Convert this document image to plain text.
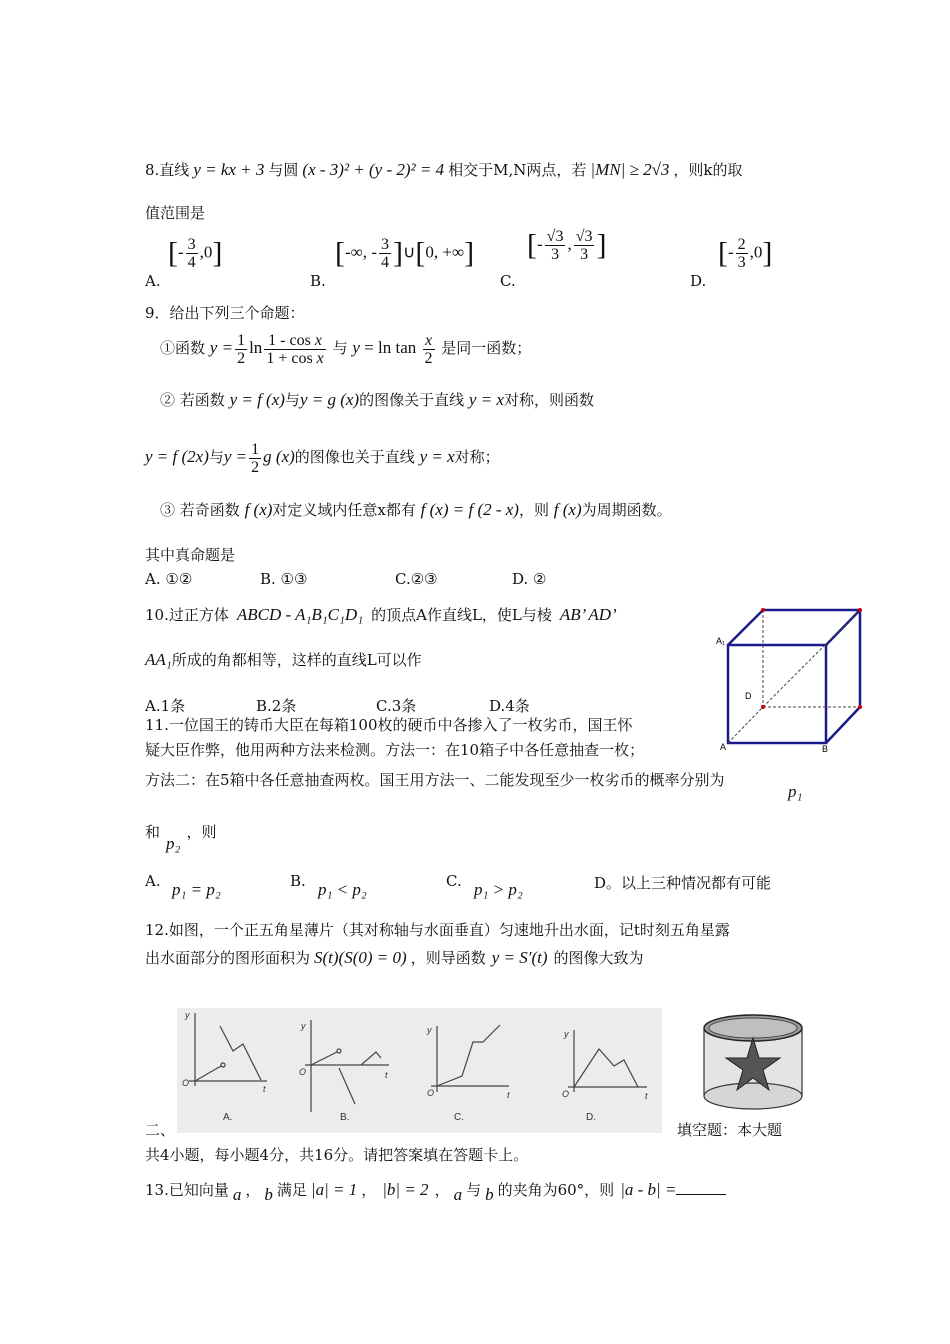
8.直线 y = kx + 3 与圆 (x - 3)² + (y - 2)² = 4 相交于M,N两点，若 |MN| ≥ 2√3 ，则k的取
值范围是
A.
[- $\frac{3}{4} ,0$]
B.
[-∞, - $\frac{3}{4}$ ]∪[0, +∞]
C.
[- $\frac{√3}{3}$ , $\frac{√3}{3}$ ]
D.
[- $\frac{2}{3} ,0$]
9．给出下列三个命题：
①函数 $y = \frac{1}{2}$ $\ln \frac{\text{1 - cos x}}{\text{1 + cos x}}$ 与 $y = \ln \tan \frac{x}{2}$ 是同一函数；
② 若函数 y = f (x)与y = g (x)的图像关于直线 y = x对称，则函数
y = f (2x)与$y = \frac{1}{2}$ g (x)的图像也关于直线 y = x对称；
③ 若奇函数 f (x)对定义域内任意x都有 f (x) = f (2 - x)，则 f (x)为周期函数。
其中真命题是
A. ①②	B. ①③	C.②③	D. ②
10.过正方体 ABCD - A₁B₁C₁D₁ 的顶点A作直线L，使L与棱 AB’ AD’
AA₁所成的角都相等，这样的直线L可以作
A.1条	B.2条	C.3条	D.4条
A₁
D
A	B
11.一位国王的铸币大臣在每箱100枚的硬币中各掺入了一枚劣币，国王怀
疑大臣作弊，他用两种方法来检测。方法一：在10箱子中各任意抽查一枚；
方法二：在5箱中各任意抽查两枚。国王用方法一、二能发现至少一枚劣币的概率分别为
p₁
和p₂，则
A. p₁ = p₂	B. p₁ < p₂	C. p₁ > p₂	D。以上三种情况都有可能
12.如图，一个正五角星薄片（其对称轴与水面垂直）匀速地升出水面，记t时刻五角星露
出水面部分的图形面积为 S(t)(S(0) = 0) ，则导函数 y = S′(t) 的图像大致为
y
O
t
y
O	t
y
O	t
y
O	t
A.	B.	C.	D.
二、	填空题：本大题
共4小题，每小题4分，共16分。请把答案填在答题卡上。
13.已知向量 a ， b 满足 |a| = 1 ， |b| = 2 ， a 与 b 的夹角为60°，则 |a - b| =
